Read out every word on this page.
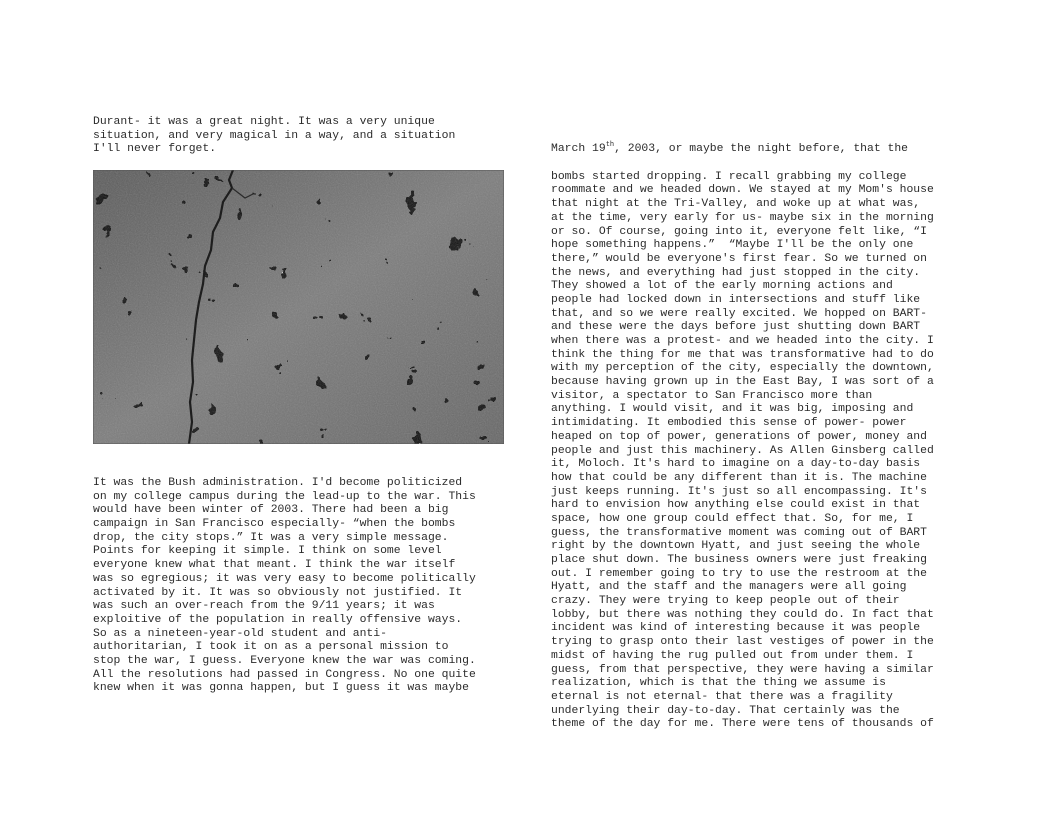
Durant- it was a great night. It was a very unique
situation, and very magical in a way, and a situation
I'll never forget.
It was the Bush administration. I'd become politicized
on my college campus during the lead-up to the war. This
would have been winter of 2003. There had been a big
campaign in San Francisco especially- “when the bombs
drop, the city stops.” It was a very simple message.
Points for keeping it simple. I think on some level
everyone knew what that meant. I think the war itself
was so egregious; it was very easy to become politically
activated by it. It was so obviously not justified. It
was such an over-reach from the 9/11 years; it was
exploitive of the population in really offensive ways.
So as a nineteen-year-old student and anti-
authoritarian, I took it on as a personal mission to
stop the war, I guess. Everyone knew the war was coming.
All the resolutions had passed in Congress. No one quite
knew when it was gonna happen, but I guess it was maybe

March 19th, 2003, or maybe the night before, that the

bombs started dropping. I recall grabbing my college
roommate and we headed down. We stayed at my Mom's house
that night at the Tri-Valley, and woke up at what was,
at the time, very early for us- maybe six in the morning
or so. Of course, going into it, everyone felt like, “I
hope something happens.”  “Maybe I'll be the only one
there,” would be everyone's first fear. So we turned on
the news, and everything had just stopped in the city.
They showed a lot of the early morning actions and
people had locked down in intersections and stuff like
that, and so we were really excited. We hopped on BART-
and these were the days before just shutting down BART
when there was a protest- and we headed into the city. I
think the thing for me that was transformative had to do
with my perception of the city, especially the downtown,
because having grown up in the East Bay, I was sort of a
visitor, a spectator to San Francisco more than
anything. I would visit, and it was big, imposing and
intimidating. It embodied this sense of power- power
heaped on top of power, generations of power, money and
people and just this machinery. As Allen Ginsberg called
it, Moloch. It's hard to imagine on a day-to-day basis
how that could be any different than it is. The machine
just keeps running. It's just so all encompassing. It's
hard to envision how anything else could exist in that
space, how one group could effect that. So, for me, I
guess, the transformative moment was coming out of BART
right by the downtown Hyatt, and just seeing the whole
place shut down. The business owners were just freaking
out. I remember going to try to use the restroom at the
Hyatt, and the staff and the managers were all going
crazy. They were trying to keep people out of their
lobby, but there was nothing they could do. In fact that
incident was kind of interesting because it was people
trying to grasp onto their last vestiges of power in the
midst of having the rug pulled out from under them. I
guess, from that perspective, they were having a similar
realization, which is that the thing we assume is
eternal is not eternal- that there was a fragility
underlying their day-to-day. That certainly was the
theme of the day for me. There were tens of thousands of
